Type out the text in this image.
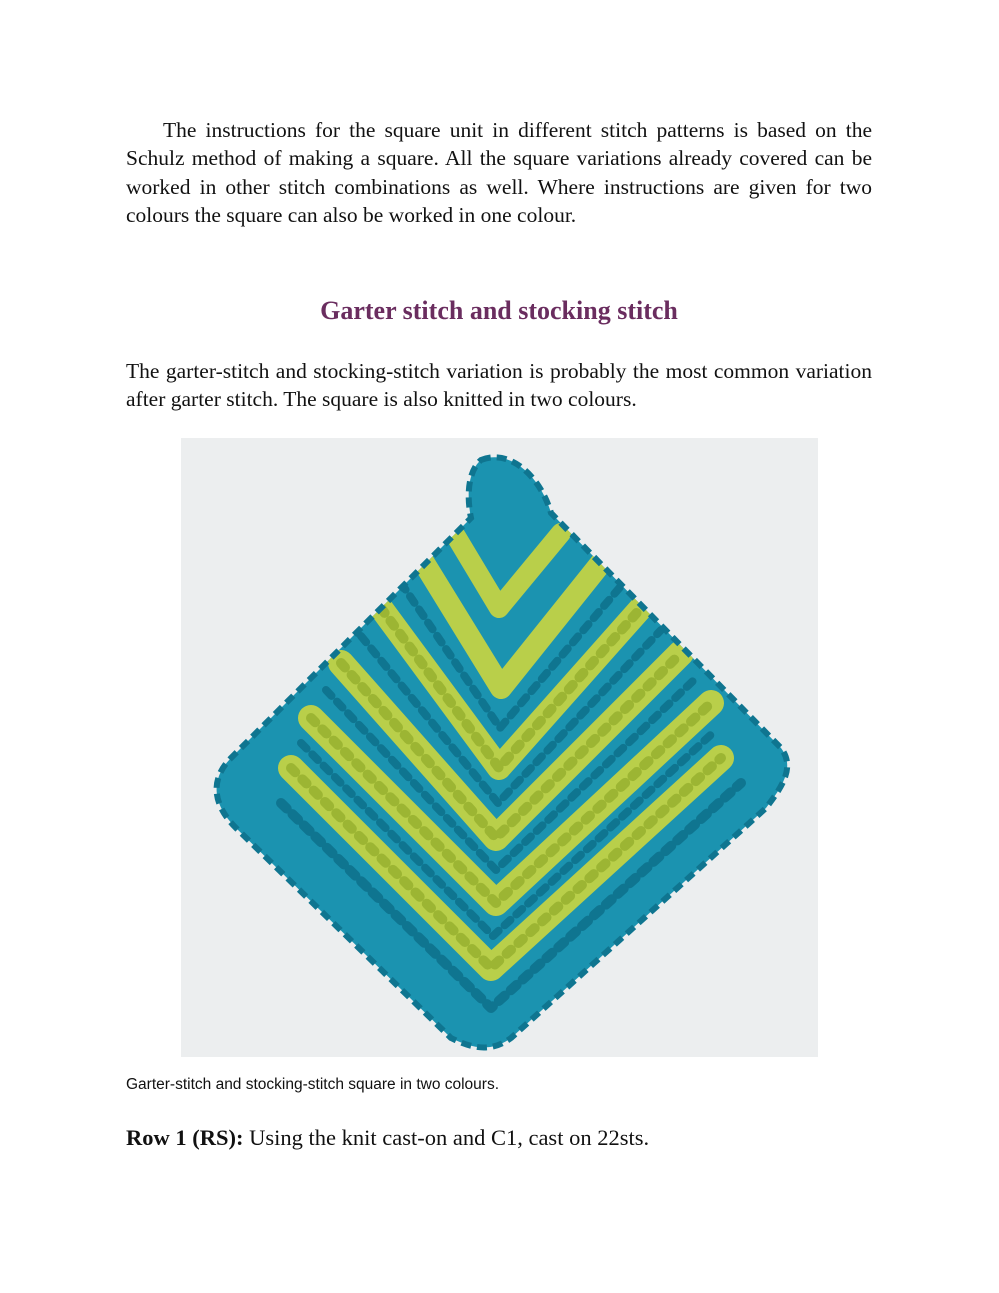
The instructions for the square unit in different stitch patterns is based on the Schulz method of making a square. All the square variations already covered can be worked in other stitch combinations as well. Where instructions are given for two colours the square can also be worked in one colour.

Garter stitch and stocking stitch

The garter-stitch and stocking-stitch variation is probably the most common variation after garter stitch. The square is also knitted in two colours.

Garter-stitch and stocking-stitch square in two colours.

Row 1 (RS): Using the knit cast-on and C1, cast on 22sts.
